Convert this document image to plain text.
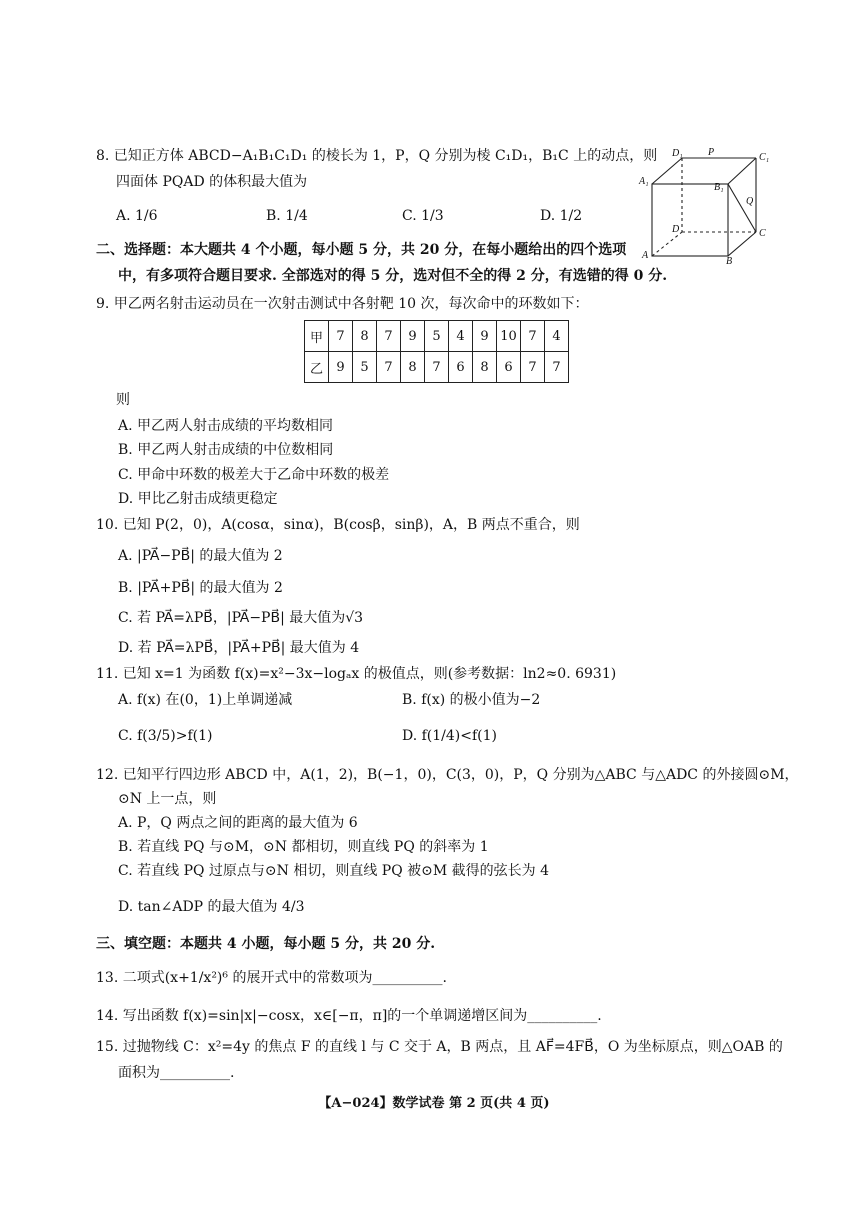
8. 已知正方体 ABCD−A₁B₁C₁D₁ 的棱长为 1，P，Q 分别为棱 C₁D₁，B₁C 上的动点，则
四面体 PQAD 的体积最大值为
A. 1/6	B. 1/4	C. 1/3	D. 1/2
D₁	P	C₁
A₁
B₁
Q
D	C
A
B
二、选择题：本大题共 4 个小题，每小题 5 分，共 20 分，在每小题给出的四个选项
中，有多项符合题目要求. 全部选对的得 5 分，选对但不全的得 2 分，有选错的得 0 分.
9. 甲乙两名射击运动员在一次射击测试中各射靶 10 次，每次命中的环数如下：
甲	7	8	7	9	5	4	9	10	7	4
乙	9	5	7	8	7	6	8	6	7	7
则
A. 甲乙两人射击成绩的平均数相同
B. 甲乙两人射击成绩的中位数相同
C. 甲命中环数的极差大于乙命中环数的极差
D. 甲比乙射击成绩更稳定
10. 已知 P(2，0)，A(cosα，sinα)，B(cosβ，sinβ)，A，B 两点不重合，则
A. |PA⃗−PB⃗| 的最大值为 2
B. |PA⃗+PB⃗| 的最大值为 2
C. 若 PA⃗=λPB⃗，|PA⃗−PB⃗| 最大值为√3
D. 若 PA⃗=λPB⃗，|PA⃗+PB⃗| 最大值为 4
11. 已知 x=1 为函数 f(x)=x²−3x−logₐx 的极值点，则(参考数据：ln2≈0. 6931)
A. f(x) 在(0，1)上单调递减	B. f(x) 的极小值为−2
C. f(3/5)>f(1)	D. f(1/4)<f(1)
12. 已知平行四边形 ABCD 中，A(1，2)，B(−1，0)，C(3，0)，P，Q 分别为△ABC 与△ADC 的外接圆⊙M，
⊙N 上一点，则
A. P，Q 两点之间的距离的最大值为 6
B. 若直线 PQ 与⊙M，⊙N 都相切，则直线 PQ 的斜率为 1
C. 若直线 PQ 过原点与⊙N 相切，则直线 PQ 被⊙M 截得的弦长为 4
D. tan∠ADP 的最大值为 4/3
三、填空题：本题共 4 小题，每小题 5 分，共 20 分.
13. 二项式(x+1/x²)⁶ 的展开式中的常数项为__________.
14. 写出函数 f(x)=sin|x|−cosx，x∈[−π，π]的一个单调递增区间为__________.
15. 过抛物线 C：x²=4y 的焦点 F 的直线 l 与 C 交于 A，B 两点，且 AF⃗=4FB⃗，O 为坐标原点，则△OAB 的
面积为__________.
【A−024】数学试卷 第 2 页(共 4 页)
